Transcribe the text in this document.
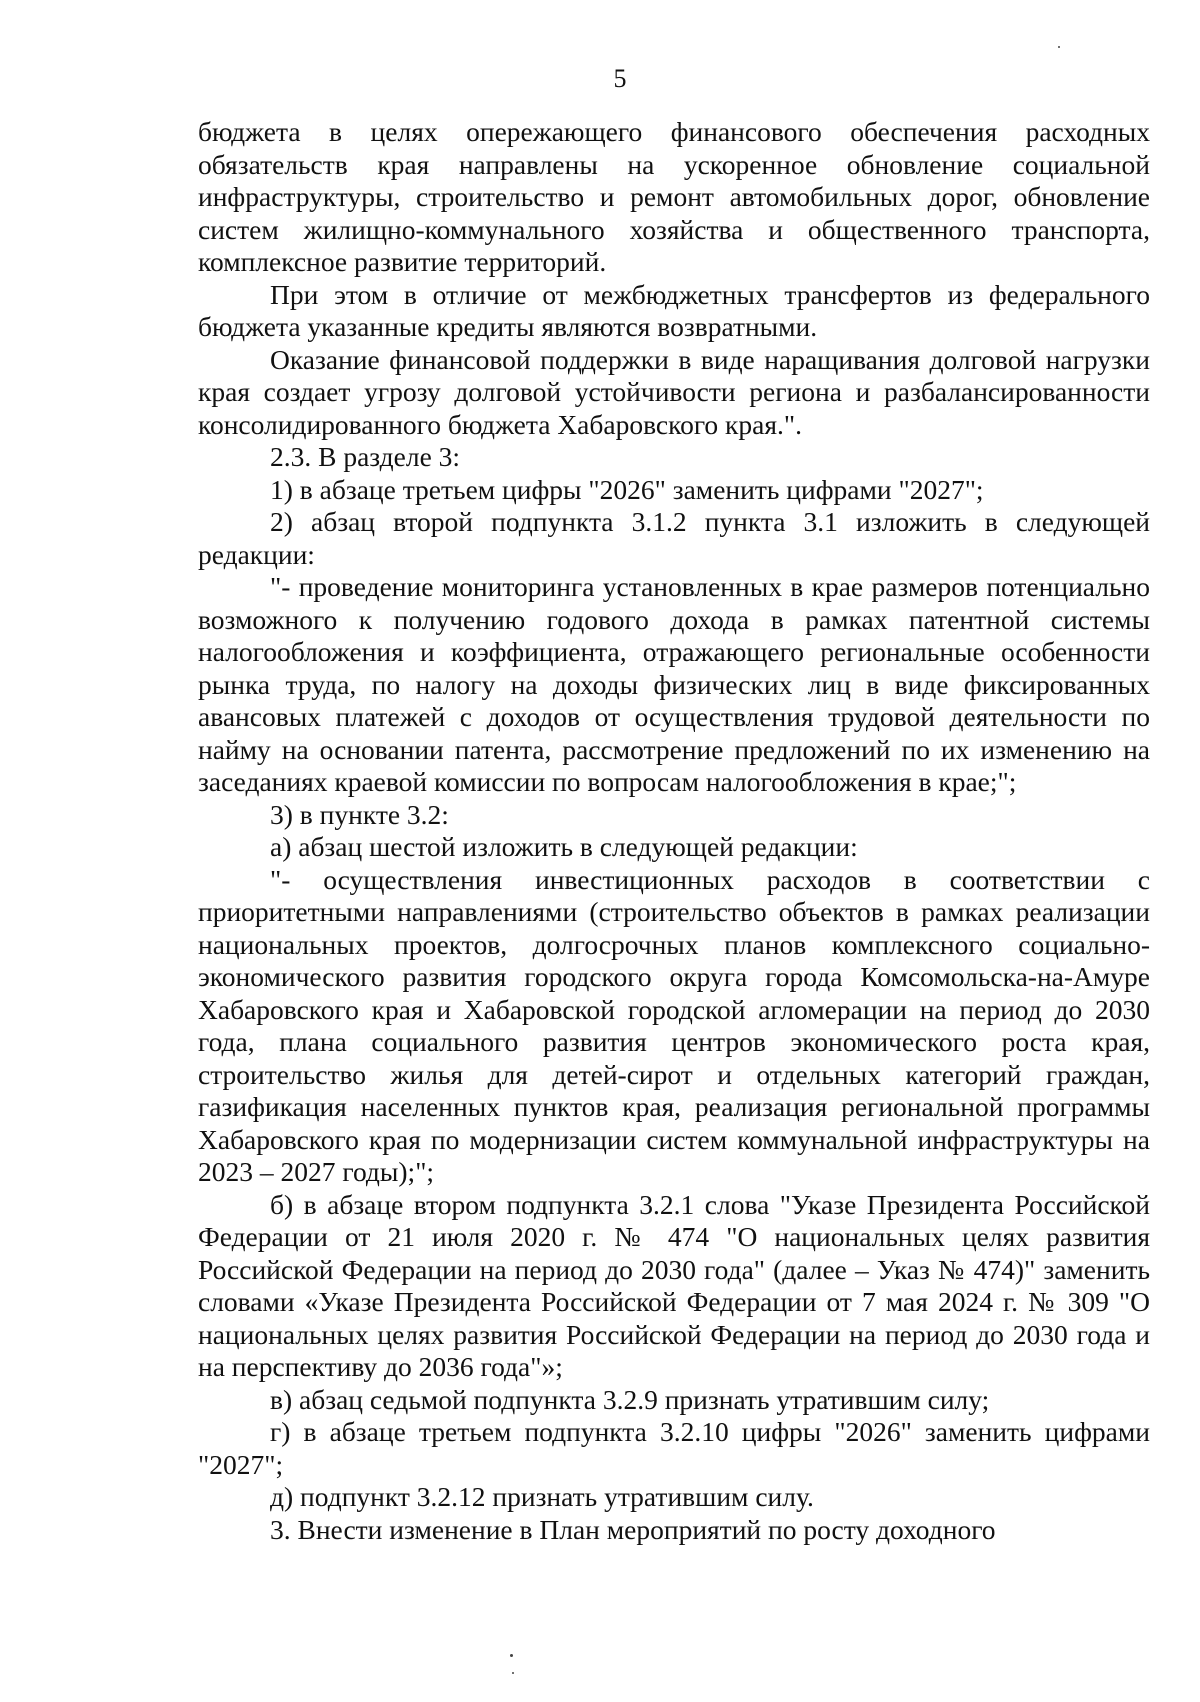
5

бюджета в целях опережающего финансового обеспечения расходных обязательств края направлены на ускоренное обновление социальной инфраструктуры, строительство и ремонт автомобильных дорог, обновление систем жилищно-коммунального хозяйства и общественного транспорта, комплексное развитие территорий.

При этом в отличие от межбюджетных трансфертов из федерального бюджета указанные кредиты являются возвратными.

Оказание финансовой поддержки в виде наращивания долговой нагрузки края создает угрозу долговой устойчивости региона и разбалансированности консолидированного бюджета Хабаровского края.".

2.3. В разделе 3:

1) в абзаце третьем цифры "2026" заменить цифрами "2027";

2) абзац второй подпункта 3.1.2 пункта 3.1 изложить в следующей редакции:

"- проведение мониторинга установленных в крае размеров потенциально возможного к получению годового дохода в рамках патентной системы налогообложения и коэффициента, отражающего региональные особенности рынка труда, по налогу на доходы физических лиц в виде фиксированных авансовых платежей с доходов от осуществления трудовой деятельности по найму на основании патента, рассмотрение предложений по их изменению на заседаниях краевой комиссии по вопросам налогообложения в крае;";

3) в пункте 3.2:

а) абзац шестой изложить в следующей редакции:

"- осуществления инвестиционных расходов в соответствии с приоритетными направлениями (строительство объектов в рамках реализации национальных проектов, долгосрочных планов комплексного социально-экономического развития городского округа города Комсомольска-на-Амуре Хабаровского края и Хабаровской городской агломерации на период до 2030 года, плана социального развития центров экономического роста края, строительство жилья для детей-сирот и отдельных категорий граждан, газификация населенных пунктов края, реализация региональной программы Хабаровского края по модернизации систем коммунальной инфраструктуры на 2023 – 2027 годы);";

б) в абзаце втором подпункта 3.2.1 слова "Указе Президента Российской Федерации от 21 июля 2020 г. № 474 "О национальных целях развития Российской Федерации на период до 2030 года" (далее – Указ № 474)" заменить словами «Указе Президента Российской Федерации от 7 мая 2024 г. № 309 "О национальных целях развития Российской Федерации на период до 2030 года и на перспективу до 2036 года"»;

в) абзац седьмой подпункта 3.2.9 признать утратившим силу;

г) в абзаце третьем подпункта 3.2.10 цифры "2026" заменить цифрами "2027";

д) подпункт 3.2.12 признать утратившим силу.

3. Внести изменение в План мероприятий по росту доходного
